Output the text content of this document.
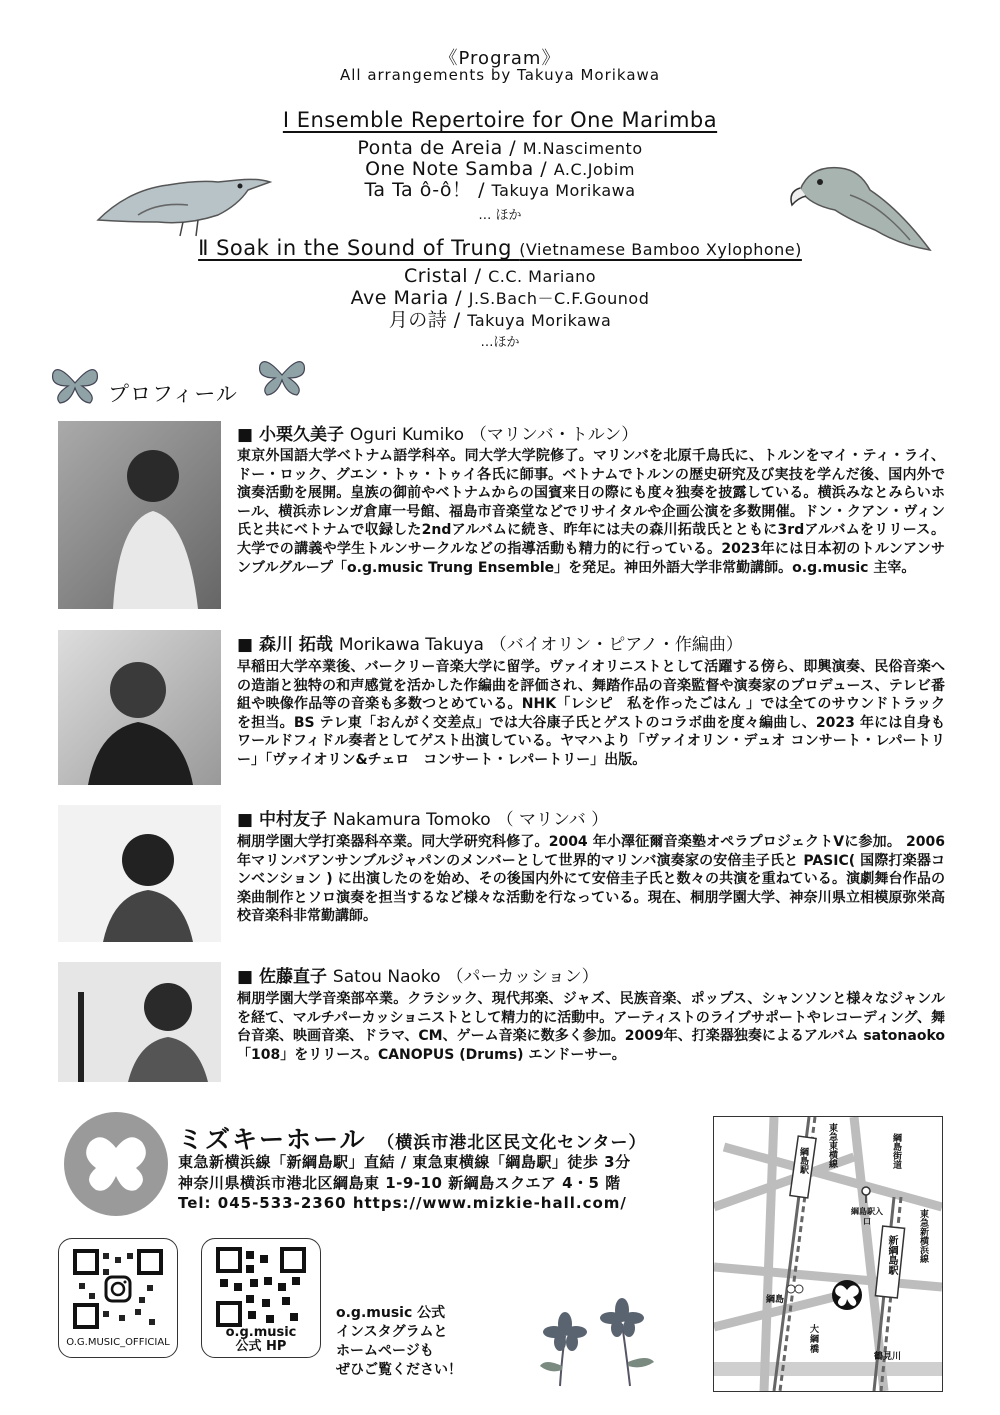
《Program》
All arrangements by Takuya Morikawa
Ⅰ Ensemble Repertoire for One Marimba
Ponta de Areia / M.Nascimento
One Note Samba / A.C.Jobim
Ta Ta ô-ô！ / Takuya Morikawa
… ほか
Ⅱ Soak in the Sound of Trung (Vietnamese Bamboo Xylophone)
Cristal / C.C. Mariano
Ave Maria / J.S.Bach－C.F.Gounod
月の詩 / Takuya Morikawa
…ほか
プロフィール
■ 小栗久美子 Oguri Kumiko （マリンバ・トルン）
東京外国語大学ベトナム語学科卒。同大学大学院修了。マリンバを北原千鳥氏に、トルンをマイ・ティ・ライ、ドー・ロック、グエン・トゥ・トゥイ各氏に師事。ベトナムでトルンの歴史研究及び実技を学んだ後、国内外で演奏活動を展開。皇族の御前やベトナムからの国賓来日の際にも度々独奏を披露している。横浜みなとみらいホール、横浜赤レンガ倉庫一号館、福島市音楽堂などでリサイタルや企画公演を多数開催。ドン・クアン・ヴィン氏と共にベトナムで収録した2ndアルバムに続き、昨年には夫の森川拓哉氏とともに3rdアルバムをリリース。大学での講義や学生トルンサークルなどの指導活動も精力的に行っている。2023年には日本初のトルンアンサンブルグループ「o.g.music Trung Ensemble」を発足。神田外語大学非常勤講師。o.g.music 主宰。
■ 森川 拓哉 Morikawa Takuya （バイオリン・ピアノ・作編曲）
早稲田大学卒業後、バークリー音楽大学に留学。ヴァイオリニストとして活躍する傍ら、即興演奏、民俗音楽への造詣と独特の和声感覚を活かした作編曲を評価され、舞踏作品の音楽監督や演奏家のプロデュース、テレビ番組や映像作品等の音楽も多数つとめている。NHK「レシピ　私を作ったごはん 」では全てのサウンドトラックを担当。BS テレ東「おんがく交差点」では大谷康子氏とゲストのコラボ曲を度々編曲し、2023 年には自身もワールドフィドル奏者としてゲスト出演している。ヤマハより「ヴァイオリン・デュオ コンサート・レパートリー」「ヴァイオリン&チェロ　コンサート・レパートリー」出版。
■ 中村友子 Nakamura Tomoko （ マリンバ ）
桐朋学園大学打楽器科卒業。同大学研究科修了。2004 年小澤征爾音楽塾オペラプロジェクトⅤに参加。 2006 年マリンバアンサンブルジャパンのメンバーとして世界的マリンバ演奏家の安倍圭子氏と PASIC( 国際打楽器コンベンション ) に出演したのを始め、その後国内外にて安倍圭子氏と数々の共演を重ねている。演劇舞台作品の楽曲制作とソロ演奏を担当するなど様々な活動を行なっている。現在、桐朋学園大学、神奈川県立相模原弥栄高校音楽科非常勤講師。
■ 佐藤直子 Satou Naoko （パーカッション）
桐朋学園大学音楽部卒業。クラシック、現代邦楽、ジャズ、民族音楽、ポップス、シャンソンと様々なジャンルを経て、マルチパーカッショニストとして精力的に活動中。アーティストのライブサポートやレコーディング、舞台音楽、映画音楽、ドラマ、CM、ゲーム音楽に数多く参加。2009年、打楽器独奏によるアルバム satonaoko「108」をリリース。CANOPUS (Drums) エンドーサー。
ミズキーホール （横浜市港北区民文化センター）
東急新横浜線「新綱島駅」直結 / 東急東横線「綱島駅」徒歩 3分
神奈川県横浜市港北区綱島東 1-9-10 新綱島スクエア 4・5 階
Tel: 045-533-2360 https://www.mizkie-hall.com/
O.G.MUSIC_OFFICIAL
o.g.music
公式 HP
o.g.music 公式
インスタグラムと
ホームページも
ぜひご覧ください！
東急東横線	綱島街道
綱島駅
綱島駅入口
新綱島駅 東急新横浜線
綱島
大綱橋
鶴見川
